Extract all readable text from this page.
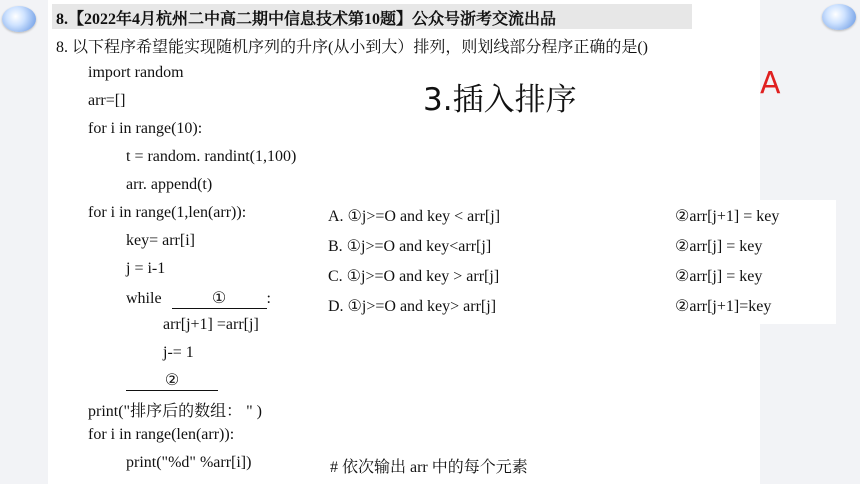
8.【2022年4月杭州二中高二期中信息技术第10题】公众号浙考交流出品
8. 以下程序希望能实现随机序列的升序(从小到大）排列，则划线部分程序正确的是()
import random
arr=[]
for i in range(10):
t = random. randint(1,100)
arr. append(t)
for i in range(1,len(arr)):
key= arr[i]
j = i-1
while	①	:
arr[j+1] =arr[j]
j-= 1
②
print("排序后的数组： " )
for i in range(len(arr)):
print("%d" %arr[i])	# 依次输出 arr 中的每个元素
3.插入排序	A
A. ①j>=O and key < arr[j]	②arr[j+1] = key
B. ①j>=O and key<arr[j]	②arr[j] = key
C. ①j>=O and key > arr[j]	②arr[j] = key
D. ①j>=O and key> arr[j]	②arr[j+1]=key
